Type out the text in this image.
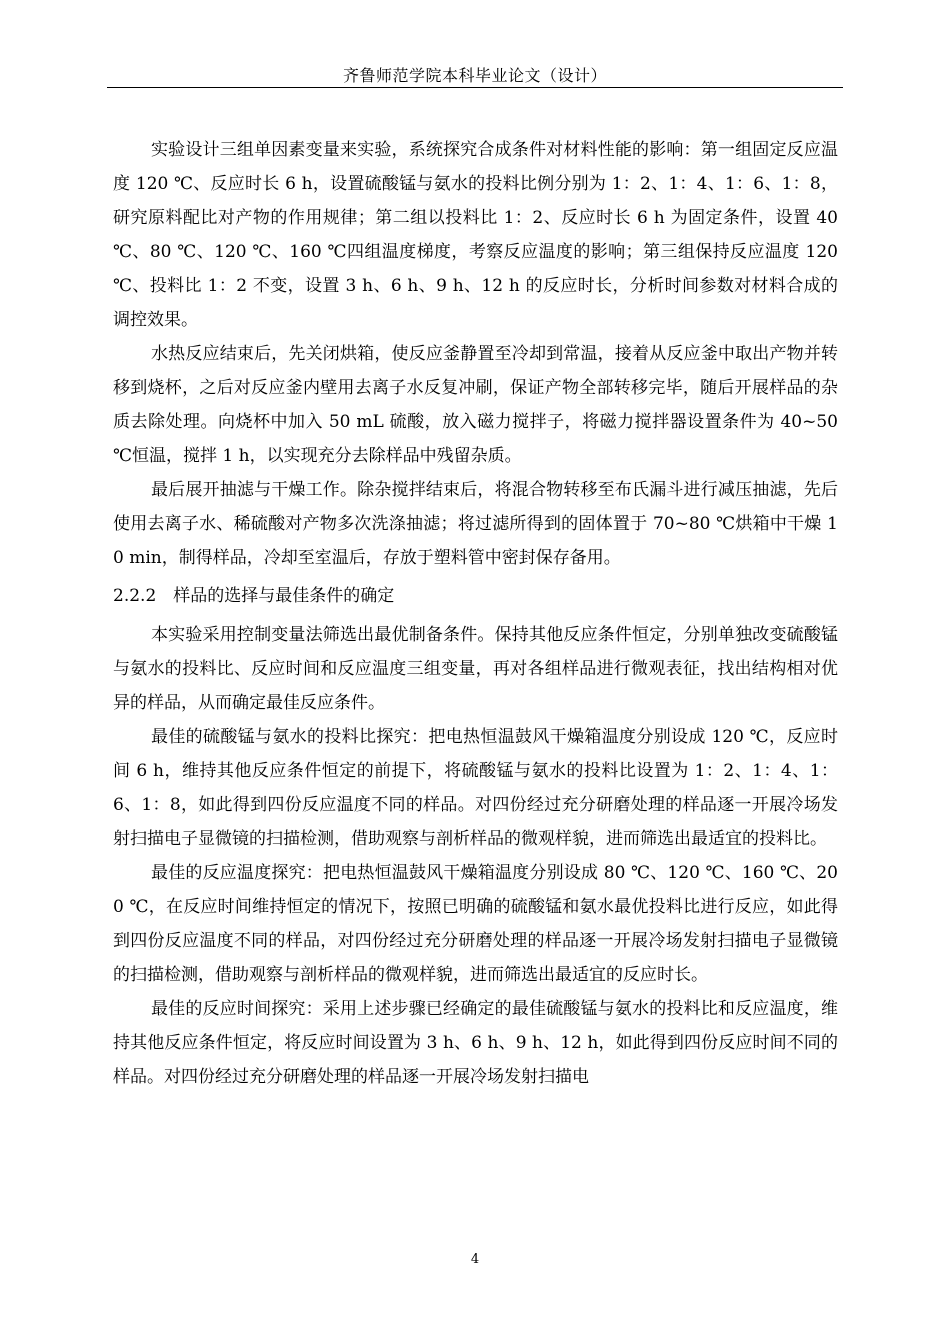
齐鲁师范学院本科毕业论文（设计）

实验设计三组单因素变量来实验，系统探究合成条件对材料性能的影响：第一组固定反应温度 120 ℃、反应时长 6 h，设置硫酸锰与氨水的投料比例分别为 1：2、1：4、1：6、1：8，研究原料配比对产物的作用规律；第二组以投料比 1：2、反应时长 6 h 为固定条件，设置 40 ℃、80 ℃、120 ℃、160 ℃四组温度梯度，考察反应温度的影响；第三组保持反应温度 120 ℃、投料比 1：2 不变，设置 3 h、6 h、9 h、12 h 的反应时长，分析时间参数对材料合成的调控效果。

水热反应结束后，先关闭烘箱，使反应釜静置至冷却到常温，接着从反应釜中取出产物并转移到烧杯，之后对反应釜内壁用去离子水反复冲刷，保证产物全部转移完毕，随后开展样品的杂质去除处理。向烧杯中加入 50 mL 硫酸，放入磁力搅拌子，将磁力搅拌器设置条件为 40~50 ℃恒温，搅拌 1 h，以实现充分去除样品中残留杂质。

最后展开抽滤与干燥工作。除杂搅拌结束后，将混合物转移至布氏漏斗进行减压抽滤，先后使用去离子水、稀硫酸对产物多次洗涤抽滤；将过滤所得到的固体置于 70~80 ℃烘箱中干燥 10 min，制得样品，冷却至室温后，存放于塑料管中密封保存备用。

2.2.2　样品的选择与最佳条件的确定

本实验采用控制变量法筛选出最优制备条件。保持其他反应条件恒定，分别单独改变硫酸锰与氨水的投料比、反应时间和反应温度三组变量，再对各组样品进行微观表征，找出结构相对优异的样品，从而确定最佳反应条件。

最佳的硫酸锰与氨水的投料比探究：把电热恒温鼓风干燥箱温度分别设成 120 ℃，反应时间 6 h，维持其他反应条件恒定的前提下，将硫酸锰与氨水的投料比设置为 1：2、1：4、1：6、1：8，如此得到四份反应温度不同的样品。对四份经过充分研磨处理的样品逐一开展冷场发射扫描电子显微镜的扫描检测，借助观察与剖析样品的微观样貌，进而筛选出最适宜的投料比。

最佳的反应温度探究：把电热恒温鼓风干燥箱温度分别设成 80 ℃、120 ℃、160 ℃、200 ℃，在反应时间维持恒定的情况下，按照已明确的硫酸锰和氨水最优投料比进行反应，如此得到四份反应温度不同的样品，对四份经过充分研磨处理的样品逐一开展冷场发射扫描电子显微镜的扫描检测，借助观察与剖析样品的微观样貌，进而筛选出最适宜的反应时长。

最佳的反应时间探究：采用上述步骤已经确定的最佳硫酸锰与氨水的投料比和反应温度，维持其他反应条件恒定，将反应时间设置为 3 h、6 h、9 h、12 h，如此得到四份反应时间不同的样品。对四份经过充分研磨处理的样品逐一开展冷场发射扫描电

4
